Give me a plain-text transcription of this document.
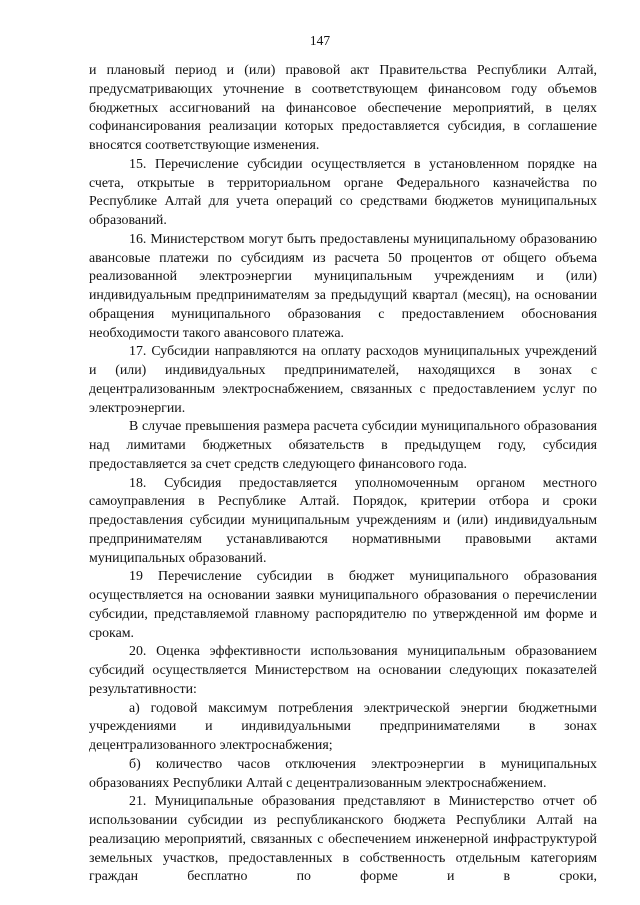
147

и плановый период и (или) правовой акт Правительства Республики Алтай, предусматривающих уточнение в соответствующем финансовом году объемов бюджетных ассигнований на финансовое обеспечение мероприятий, в целях софинансирования реализации которых предоставляется субсидия, в соглашение вносятся соответствующие изменения.

15. Перечисление субсидии осуществляется в установленном порядке на счета, открытые в территориальном органе Федерального казначейства по Республике Алтай для учета операций со средствами бюджетов муниципальных образований.

16. Министерством могут быть предоставлены муниципальному образованию авансовые платежи по субсидиям из расчета 50 процентов от общего объема реализованной электроэнергии муниципальным учреждениям и (или) индивидуальным предпринимателям за предыдущий квартал (месяц), на основании обращения муниципального образования с предоставлением обоснования необходимости такого авансового платежа.

17. Субсидии направляются на оплату расходов муниципальных учреждений и (или) индивидуальных предпринимателей, находящихся в зонах с децентрализованным электроснабжением, связанных с предоставлением услуг по электроэнергии.

В случае превышения размера расчета субсидии муниципального образования над лимитами бюджетных обязательств в предыдущем году, субсидия предоставляется за счет средств следующего финансового года.

18. Субсидия предоставляется уполномоченным органом местного самоуправления в Республике Алтай. Порядок, критерии отбора и сроки предоставления субсидии муниципальным учреждениям и (или) индивидуальным предпринимателям устанавливаются нормативными правовыми актами муниципальных образований.

19 Перечисление субсидии в бюджет муниципального образования осуществляется на основании заявки муниципального образования о перечислении субсидии, представляемой главному распорядителю по утвержденной им форме и срокам.

20. Оценка эффективности использования муниципальным образованием субсидий осуществляется Министерством на основании следующих показателей результативности:

а) годовой максимум потребления электрической энергии бюджетными учреждениями и индивидуальными предпринимателями в зонах децентрализованного электроснабжения;

б) количество часов отключения электроэнергии в муниципальных образованиях Республики Алтай с децентрализованным электроснабжением.

21. Муниципальные образования представляют в Министерство отчет об использовании субсидии из республиканского бюджета Республики Алтай на реализацию мероприятий, связанных с обеспечением инженерной инфраструктурой земельных участков, предоставленных в собственность отдельным категориям граждан бесплатно по форме и в сроки,
